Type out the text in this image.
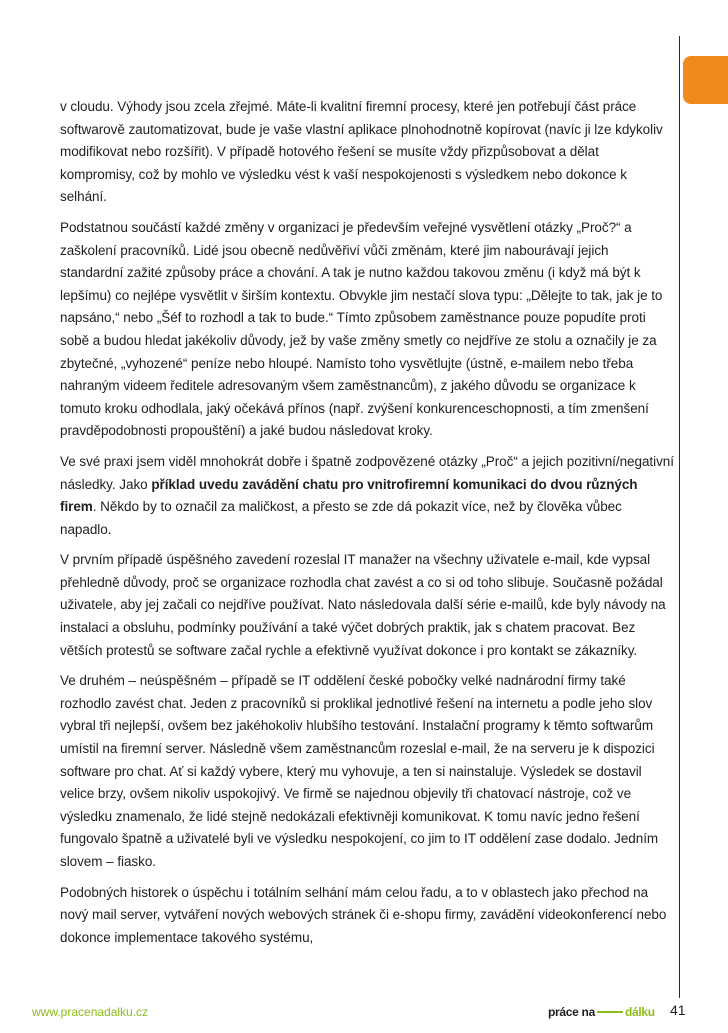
v cloudu. Výhody jsou zcela zřejmé. Máte-li kvalitní firemní procesy, které jen potřebují část práce softwarově zautomatizovat, bude je vaše vlastní aplikace plnohodnotně kopírovat (navíc ji lze kdykoliv modifikovat nebo rozšířit). V případě hotového řešení se musíte vždy přizpůsobovat a dělat kompromisy, což by mohlo ve výsledku vést k vaší nespokojenosti s výsledkem nebo dokonce k selhání.

Podstatnou součástí každé změny v organizaci je především veřejné vysvětlení otázky „Proč?“ a zaškolení pracovníků. Lidé jsou obecně nedůvěřiví vůči změnám, které jim nabourávají jejich standardní zažité způsoby práce a chování. A tak je nutno každou takovou změnu (i když má být k lepšímu) co nejlépe vysvětlit v širším kontextu. Obvykle jim nestačí slova typu: „Dělejte to tak, jak je to napsáno,“ nebo „Šéf to rozhodl a tak to bude.“ Tímto způsobem zaměstnance pouze popudíte proti sobě a budou hledat jakékoliv důvody, jež by vaše změny smetly co nejdříve ze stolu a označily je za zbytečné, „vyhozené“ peníze nebo hloupé. Namísto toho vysvětlujte (ústně, e-mailem nebo třeba nahraným videem ředitele adresovaným všem zaměstnancům), z jakého důvodu se organizace k tomuto kroku odhodlala, jaký očekává přínos (např. zvýšení konkurenceschopnosti, a tím zmenšení pravděpodobnosti propouštění) a jaké budou následovat kroky.

Ve své praxi jsem viděl mnohokrát dobře i špatně zodpovězené otázky „Proč“ a jejich pozitivní/negativní následky. Jako příklad uvedu zavádění chatu pro vnitrofiremní komunikaci do dvou různých firem. Někdo by to označil za maličkost, a přesto se zde dá pokazit více, než by člověka vůbec napadlo.

V prvním případě úspěšného zavedení rozeslal IT manažer na všechny uživatele e-mail, kde vypsal přehledně důvody, proč se organizace rozhodla chat zavést a co si od toho slibuje. Současně požádal uživatele, aby jej začali co nejdříve používat. Nato následovala další série e-mailů, kde byly návody na instalaci a obsluhu, podmínky používání a také výčet dobrých praktik, jak s chatem pracovat. Bez větších protestů se software začal rychle a efektivně využívat dokonce i pro kontakt se zákazníky.

Ve druhém – neúspěšném – případě se IT oddělení české pobočky velké nadnárodní firmy také rozhodlo zavést chat. Jeden z pracovníků si proklikal jednotlivé řešení na internetu a podle jeho slov vybral tři nejlepší, ovšem bez jakéhokoliv hlubšího testování. Instalační programy k těmto softwarům umístil na firemní server. Následně všem zaměstnancům rozeslal e-mail, že na serveru je k dispozici software pro chat. Ať si každý vybere, který mu vyhovuje, a ten si nainstaluje. Výsledek se dostavil velice brzy, ovšem nikoliv uspokojivý. Ve firmě se najednou objevily tři chatovací nástroje, což ve výsledku znamenalo, že lidé stejně nedokázali efektivněji komunikovat. K tomu navíc jedno řešení fungovalo špatně a uživatelé byli ve výsledku nespokojení, co jim to IT oddělení zase dodalo. Jedním slovem – fiasko.

Podobných historek o úspěchu i totálním selhání mám celou řadu, a to v oblastech jako přechod na nový mail server, vytváření nových webových stránek či e-shopu firmy, zavádění videokonferencí nebo dokonce implementace takového systému,

www.pracenadalku.cz	práce na	dálku 41
